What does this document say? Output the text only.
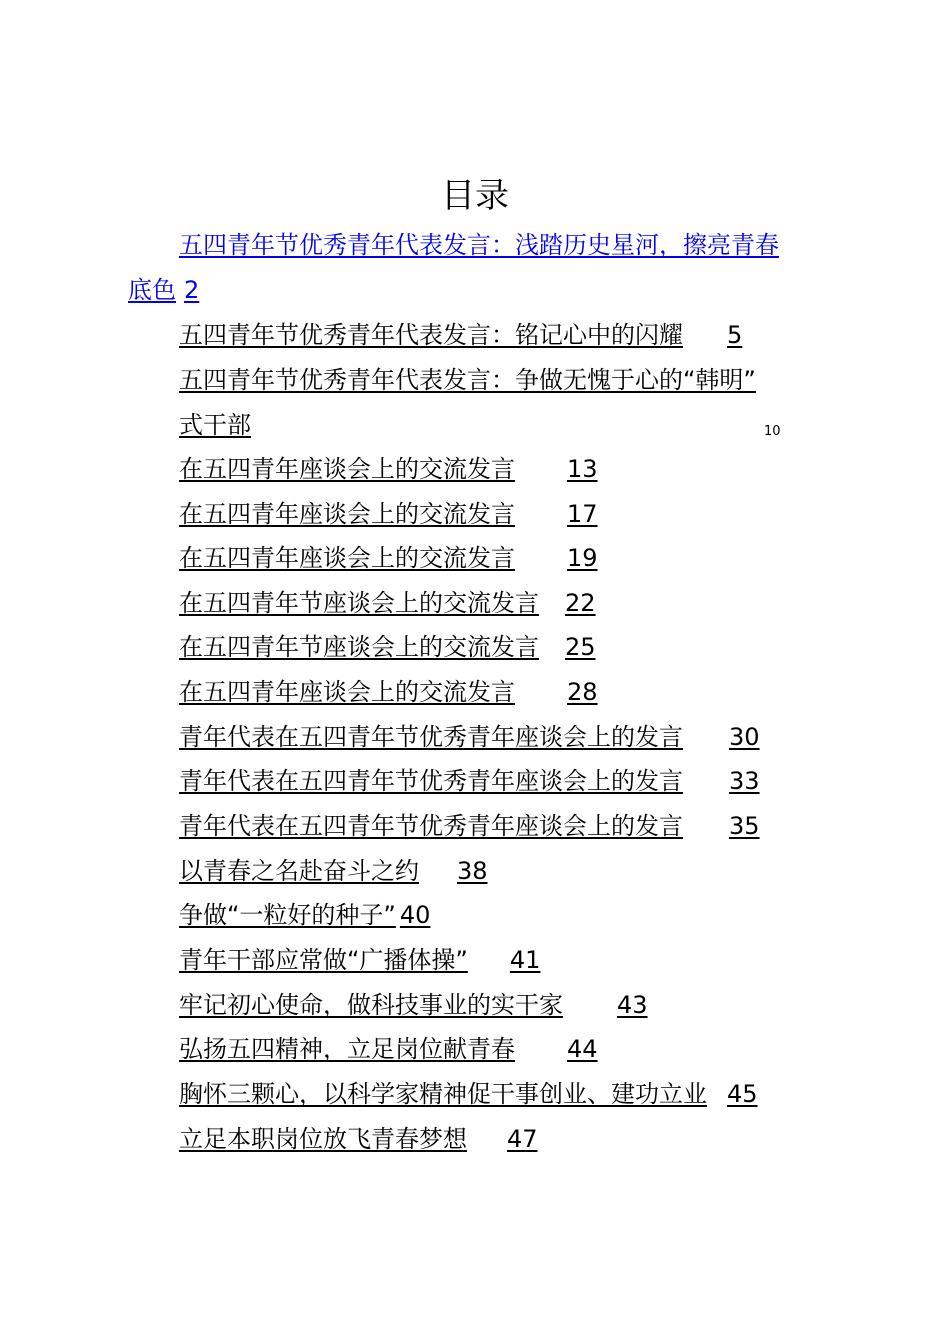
目录
五四青年节优秀青年代表发言：浅踏历史星河，擦亮青春
底色 2
五四青年节优秀青年代表发言：铭记心中的闪耀 5
五四青年节优秀青年代表发言：争做无愧于心的“韩明”
式干部	10
在五四青年座谈会上的交流发言 13
在五四青年座谈会上的交流发言 17
在五四青年座谈会上的交流发言 19
在五四青年节座谈会上的交流发言 22
在五四青年节座谈会上的交流发言 25
在五四青年座谈会上的交流发言 28
青年代表在五四青年节优秀青年座谈会上的发言 30
青年代表在五四青年节优秀青年座谈会上的发言 33
青年代表在五四青年节优秀青年座谈会上的发言 35
以青春之名赴奋斗之约 38
争做“一粒好的种子” 40
青年干部应常做“广播体操” 41
牢记初心使命，做科技事业的实干家 43
弘扬五四精神，立足岗位献青春 44
胸怀三颗心，以科学家精神促干事创业、建功立业 45
立足本职岗位放飞青春梦想 47
